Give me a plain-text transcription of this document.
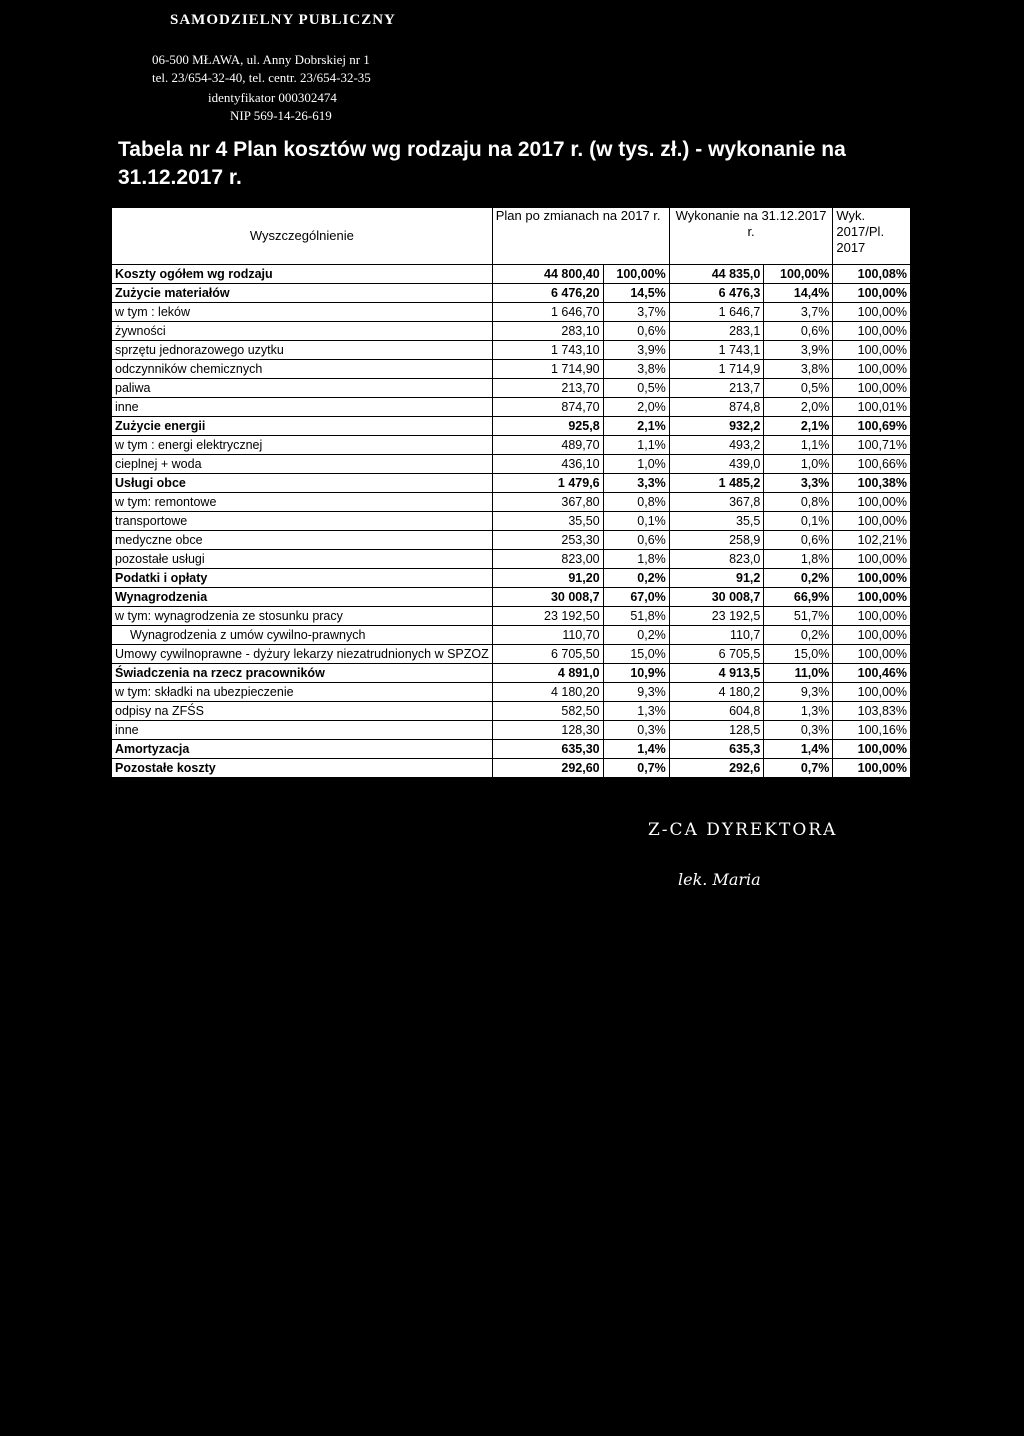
SAMODZIELNY PUBLICZNY
06-500 MŁAWA, ul. Anny Dobrskiej nr 1
tel. 23/654-32-40, tel. centr. 23/654-32-35
identyfikator 000302474
NIP 569-14-26-619
Tabela nr 4 Plan kosztów wg rodzaju na 2017 r. (w tys. zł.) - wykonanie na 31.12.2017 r.
Wyszczególnienie	Plan po zmianach na 2017 r.		Wykonanie na 31.12.2017 r.		Wyk. 2017/Pl. 2017
Koszty ogółem wg rodzaju	44 800,40	100,00%	44 835,0	100,00%	100,08%
Zużycie materiałów	6 476,20	14,5%	6 476,3	14,4%	100,00%
w tym : leków	1 646,70	3,7%	1 646,7	3,7%	100,00%
żywności	283,10	0,6%	283,1	0,6%	100,00%
sprzętu jednorazowego uzytku	1 743,10	3,9%	1 743,1	3,9%	100,00%
odczynników chemicznych	1 714,90	3,8%	1 714,9	3,8%	100,00%
paliwa	213,70	0,5%	213,7	0,5%	100,00%
inne	874,70	2,0%	874,8	2,0%	100,01%
Zużycie energii	925,8	2,1%	932,2	2,1%	100,69%
w tym : energi elektrycznej	489,70	1,1%	493,2	1,1%	100,71%
cieplnej + woda	436,10	1,0%	439,0	1,0%	100,66%
Usługi obce	1 479,6	3,3%	1 485,2	3,3%	100,38%
w tym: remontowe	367,80	0,8%	367,8	0,8%	100,00%
transportowe	35,50	0,1%	35,5	0,1%	100,00%
medyczne obce	253,30	0,6%	258,9	0,6%	102,21%
pozostałe usługi	823,00	1,8%	823,0	1,8%	100,00%
Podatki i opłaty	91,20	0,2%	91,2	0,2%	100,00%
Wynagrodzenia	30 008,7	67,0%	30 008,7	66,9%	100,00%
w tym: wynagrodzenia ze stosunku pracy	23 192,50	51,8%	23 192,5	51,7%	100,00%
Wynagrodzenia z umów cywilno-prawnych	110,70	0,2%	110,7	0,2%	100,00%
Umowy cywilnoprawne - dyżury lekarzy niezatrudnionych w SPZOZ	6 705,50	15,0%	6 705,5	15,0%	100,00%
Świadczenia na rzecz pracowników	4 891,0	10,9%	4 913,5	11,0%	100,46%
w tym: składki na ubezpieczenie	4 180,20	9,3%	4 180,2	9,3%	100,00%
odpisy na ZFŚS	582,50	1,3%	604,8	1,3%	103,83%
inne	128,30	0,3%	128,5	0,3%	100,16%
Amortyzacja	635,30	1,4%	635,3	1,4%	100,00%
Pozostałe koszty	292,60	0,7%	292,6	0,7%	100,00%
Z-CA DYREKTORA
lek. Maria
